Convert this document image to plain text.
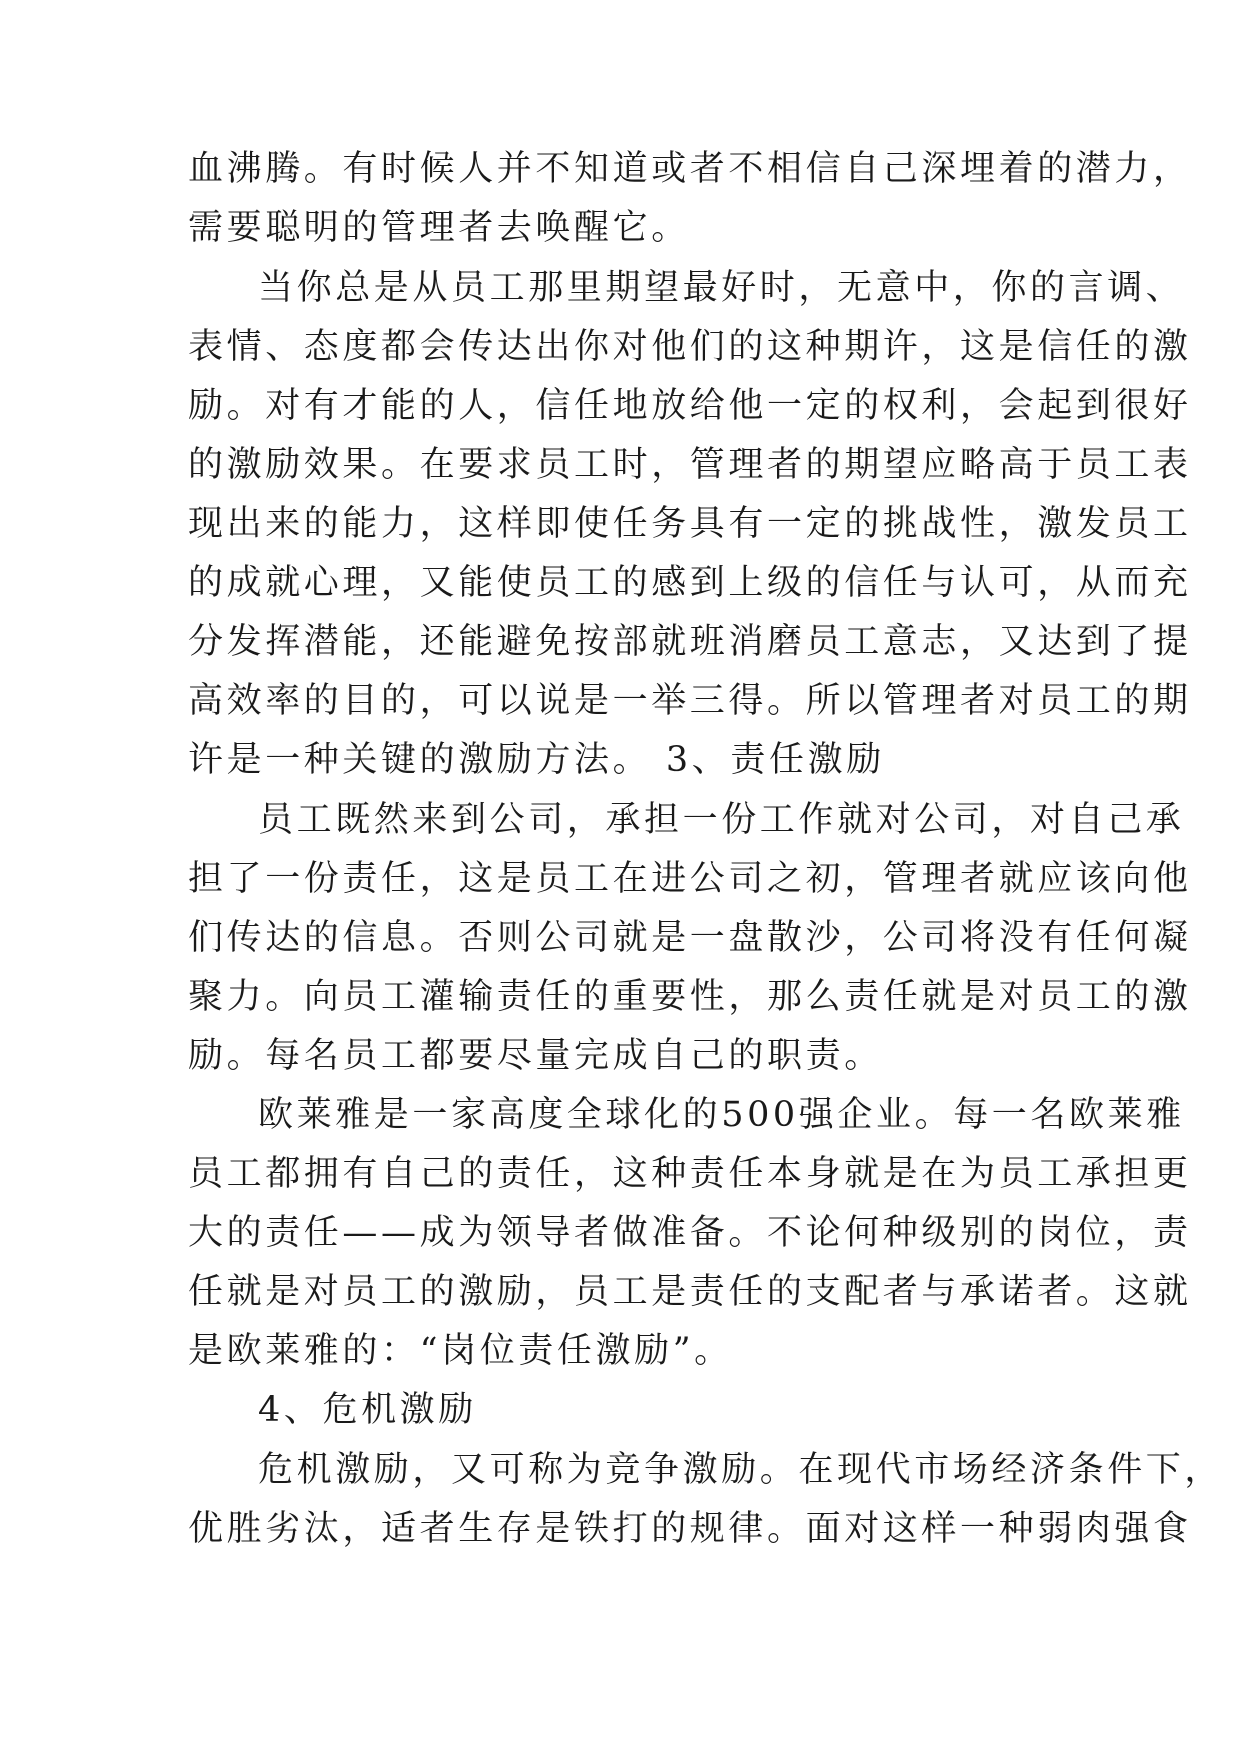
血沸腾。有时候人并不知道或者不相信自己深埋着的潜力，

需要聪明的管理者去唤醒它。

当你总是从员工那里期望最好时，无意中，你的言调、

表情、态度都会传达出你对他们的这种期许，这是信任的激

励。对有才能的人，信任地放给他一定的权利，会起到很好

的激励效果。在要求员工时，管理者的期望应略高于员工表

现出来的能力，这样即使任务具有一定的挑战性，激发员工

的成就心理，又能使员工的感到上级的信任与认可，从而充

分发挥潜能，还能避免按部就班消磨员工意志，又达到了提

高效率的目的，可以说是一举三得。所以管理者对员工的期

许是一种关键的激励方法。 3、责任激励

员工既然来到公司，承担一份工作就对公司，对自己承

担了一份责任，这是员工在进公司之初，管理者就应该向他

们传达的信息。否则公司就是一盘散沙，公司将没有任何凝

聚力。向员工灌输责任的重要性，那么责任就是对员工的激

励。每名员工都要尽量完成自己的职责。

欧莱雅是一家高度全球化的500强企业。每一名欧莱雅

员工都拥有自己的责任，这种责任本身就是在为员工承担更

大的责任——成为领导者做准备。不论何种级别的岗位，责

任就是对员工的激励，员工是责任的支配者与承诺者。这就

是欧莱雅的：“岗位责任激励”。

4、危机激励

危机激励，又可称为竞争激励。在现代市场经济条件下，

优胜劣汰，适者生存是铁打的规律。面对这样一种弱肉强食
